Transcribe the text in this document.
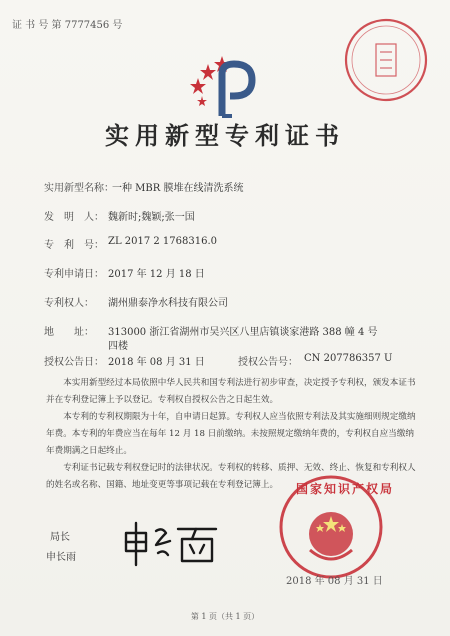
证 书 号 第 7777456 号
实用新型专利证书
实用新型名称：
一种 MBR 膜堆在线清洗系统
发　明　人： 魏新时;魏颖;张一国
专　利　号： ZL 2017 2 1768316.0
专利申请日： 2017 年 12 月 18 日
专利权人： 湖州鼎泰净水科技有限公司
地　　址： 313000 浙江省湖州市吴兴区八里店镇谈家港路 388 幢 4 号
四楼
授权公告日： 2018 年 08 月 31 日	授权公告号： CN 207786357 U
本实用新型经过本局依照中华人民共和国专利法进行初步审查，决定授予专利权，颁发本证书并在专利登记簿上予以登记。专利权自授权公告之日起生效。
本专利的专利权期限为十年，自申请日起算。专利权人应当依照专利法及其实施细则规定缴纳年费。本专利的年费应当在每年 12 月 18 日前缴纳。未按照规定缴纳年费的，专利权自应当缴纳年费期满之日起终止。
专利证书记载专利权登记时的法律状况。专利权的转移、质押、无效、终止、恢复和专利权人的姓名或名称、国籍、地址变更等事项记载在专利登记簿上。
局长
申长雨
国家知识产权局
2018 年 08 月 31 日
第 1 页（共 1 页）
